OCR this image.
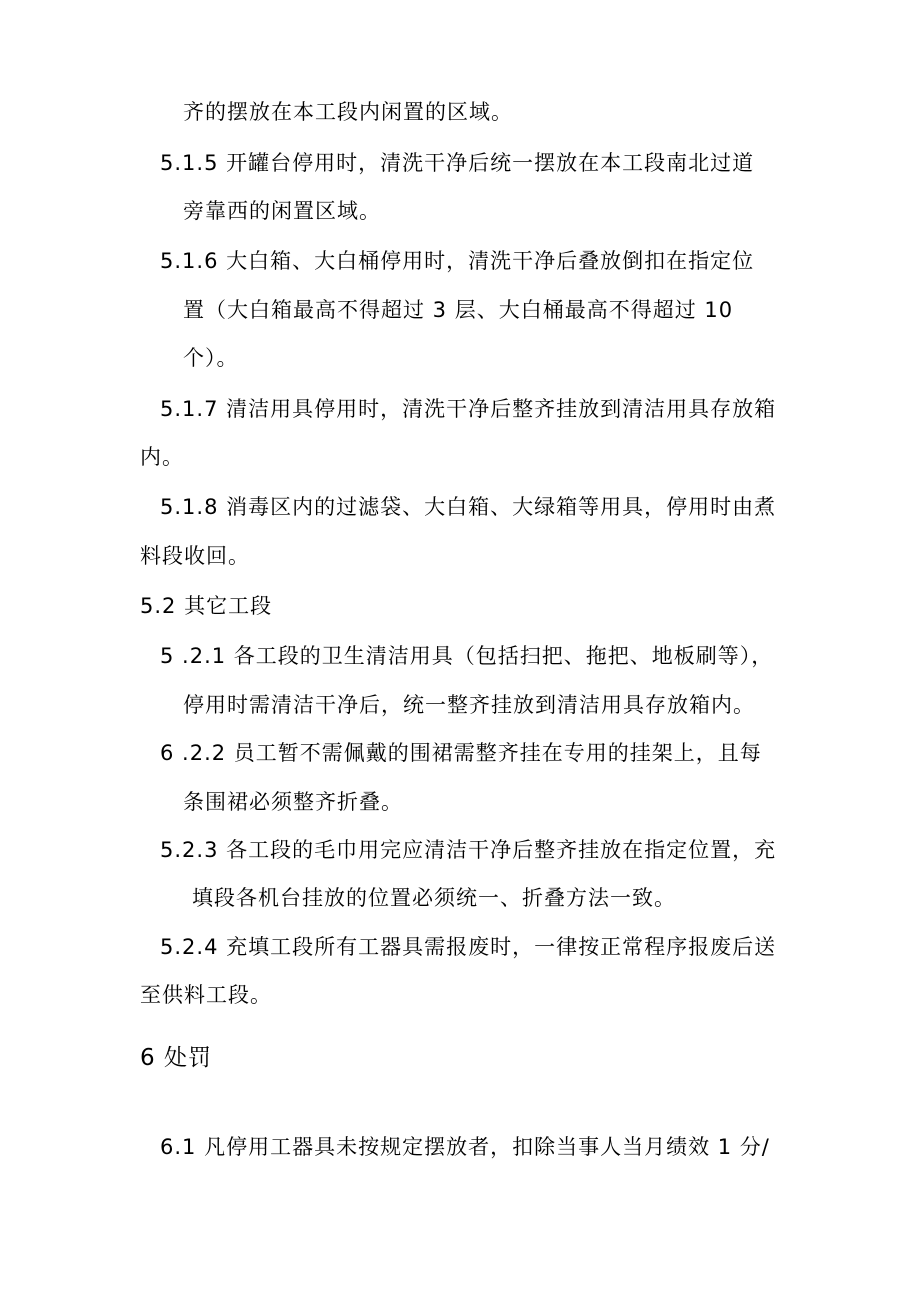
齐的摆放在本工段内闲置的区域。
5.1.5 开罐台停用时，清洗干净后统一摆放在本工段南北过道
旁靠西的闲置区域。
5.1.6 大白箱、大白桶停用时，清洗干净后叠放倒扣在指定位
置（大白箱最高不得超过 3 层、大白桶最高不得超过 10
个）。
5.1.7 清洁用具停用时，清洗干净后整齐挂放到清洁用具存放箱
内。
5.1.8 消毒区内的过滤袋、大白箱、大绿箱等用具，停用时由煮
料段收回。
5.2 其它工段
5 .2.1 各工段的卫生清洁用具（包括扫把、拖把、地板刷等），
停用时需清洁干净后，统一整齐挂放到清洁用具存放箱内。
6 .2.2 员工暂不需佩戴的围裙需整齐挂在专用的挂架上，且每
条围裙必须整齐折叠。
5.2.3 各工段的毛巾用完应清洁干净后整齐挂放在指定位置，充
填段各机台挂放的位置必须统一、折叠方法一致。
5.2.4 充填工段所有工器具需报废时，一律按正常程序报废后送
至供料工段。
6 处罚
6.1 凡停用工器具未按规定摆放者，扣除当事人当月绩效 1 分/
